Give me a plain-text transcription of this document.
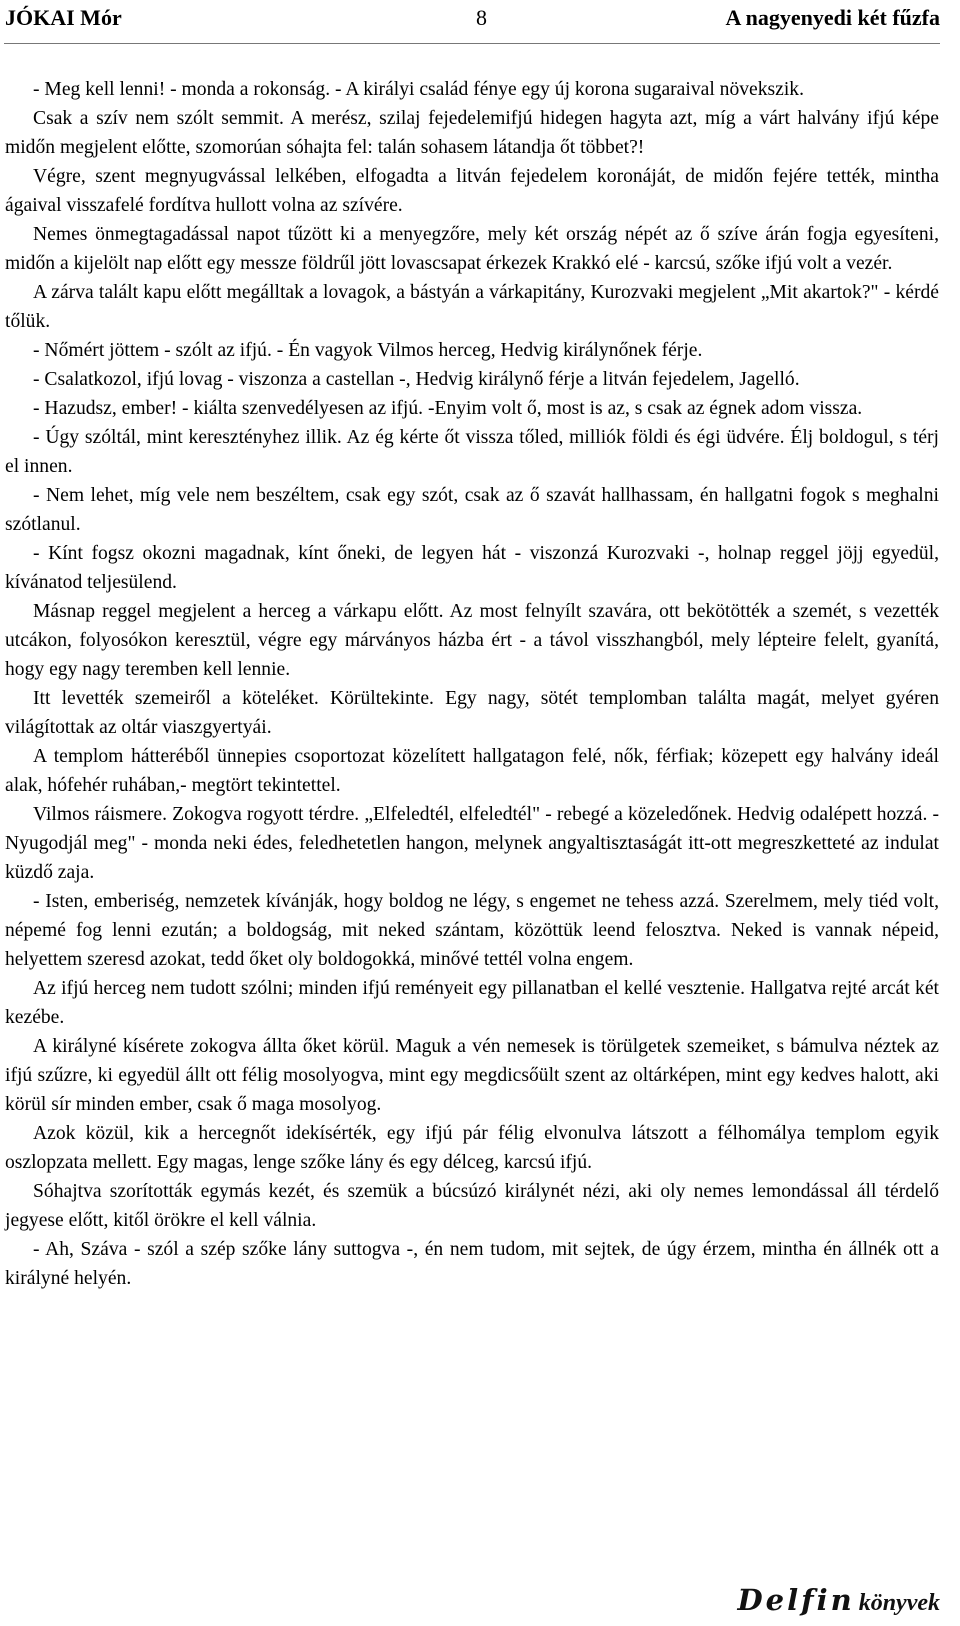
JÓKAI Mór	8	A nagyenyedi két fűzfa

- Meg kell lenni! - monda a rokonság. - A királyi család fénye egy új korona sugaraival növekszik.

Csak a szív nem szólt semmit. A merész, szilaj fejedelemifjú hidegen hagyta azt, míg a várt halvány ifjú képe midőn megjelent előtte, szomorúan sóhajta fel: talán sohasem látandja őt többet?!

Végre, szent megnyugvással lelkében, elfogadta a litván fejedelem koronáját, de midőn fejére tették, mintha ágaival visszafelé fordítva hullott volna az szívére.

Nemes önmegtagadással napot tűzött ki a menyegzőre, mely két ország népét az ő szíve árán fogja egyesíteni, midőn a kijelölt nap előtt egy messze földrűl jött lovascsapat érkezek Krakkó elé - karcsú, szőke ifjú volt a vezér.

A zárva talált kapu előtt megálltak a lovagok, a bástyán a várkapitány, Kurozvaki megjelent „Mit akartok?" - kérdé tőlük.

- Nőmért jöttem - szólt az ifjú. - Én vagyok Vilmos herceg, Hedvig királynőnek férje.

- Csalatkozol, ifjú lovag - viszonza a castellan -, Hedvig királynő férje a litván fejedelem, Jagelló.

- Hazudsz, ember! - kiálta szenvedélyesen az ifjú. -Enyim volt ő, most is az, s csak az égnek adom vissza.

- Úgy szóltál, mint keresztényhez illik. Az ég kérte őt vissza tőled, milliók földi és égi üdvére. Élj boldogul, s térj el innen.

- Nem lehet, míg vele nem beszéltem, csak egy szót, csak az ő szavát hallhassam, én hallgatni fogok s meghalni szótlanul.

- Kínt fogsz okozni magadnak, kínt őneki, de legyen hát - viszonzá Kurozvaki -, holnap reggel jöjj egyedül, kívánatod teljesülend.

Másnap reggel megjelent a herceg a várkapu előtt. Az most felnyílt szavára, ott bekötötték a szemét, s vezették utcákon, folyosókon keresztül, végre egy márványos házba ért - a távol visszhangból, mely lépteire felelt, gyanítá, hogy egy nagy teremben kell lennie.

Itt levették szemeiről a köteléket. Körültekinte. Egy nagy, sötét templomban találta magát, melyet gyéren világítottak az oltár viaszgyertyái.

A templom hátteréből ünnepies csoportozat közelített hallgatagon felé, nők, férfiak; közepett egy halvány ideál alak, hófehér ruhában,- megtört tekintettel.

Vilmos ráismere. Zokogva rogyott térdre. „Elfeledtél, elfeledtél" - rebegé a közeledőnek. Hedvig odalépett hozzá. - Nyugodjál meg" - monda neki édes, feledhetetlen hangon, melynek angyaltisztaságát itt-ott megreszketteté az indulat küzdő zaja.

- Isten, emberiség, nemzetek kívánják, hogy boldog ne légy, s engemet ne tehess azzá. Szerelmem, mely tiéd volt, népemé fog lenni ezután; a boldogság, mit neked szántam, közöttük leend felosztva. Neked is vannak népeid, helyettem szeresd azokat, tedd őket oly boldogokká, minővé tettél volna engem.

Az ifjú herceg nem tudott szólni; minden ifjú reményeit egy pillanatban el kellé vesztenie. Hallgatva rejté arcát két kezébe.

A királyné kísérete zokogva állta őket körül. Maguk a vén nemesek is törülgetek szemeiket, s bámulva néztek az ifjú szűzre, ki egyedül állt ott félig mosolyogva, mint egy megdicsőült szent az oltárképen, mint egy kedves halott, aki körül sír minden ember, csak ő maga mosolyog.

Azok közül, kik a hercegnőt idekísérték, egy ifjú pár félig elvonulva látszott a félhomálya templom egyik oszlopzata mellett. Egy magas, lenge szőke lány és egy délceg, karcsú ifjú.

Sóhajtva szorították egymás kezét, és szemük a búcsúzó királynét nézi, aki oly nemes lemondással áll térdelő jegyese előtt, kitől örökre el kell válnia.

- Ah, Száva - szól a szép szőke lány suttogva -, én nem tudom, mit sejtek, de úgy érzem, mintha én állnék ott a királyné helyén.

Delfin könyvek
